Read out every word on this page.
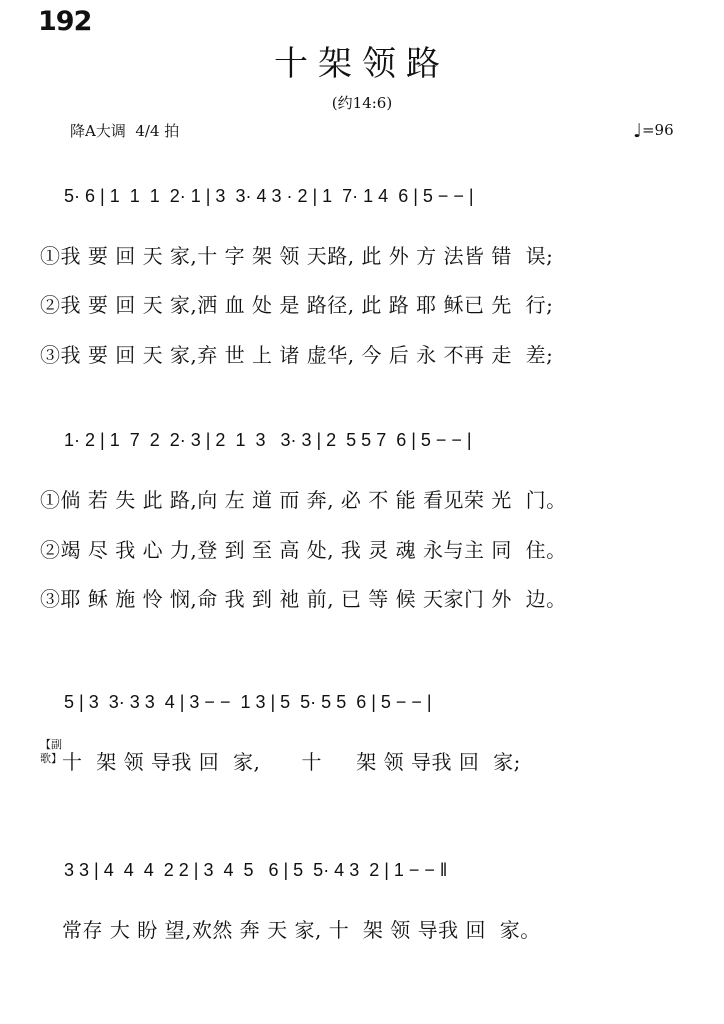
192
十架领路
(约14:6)
降A大调  4/4 拍	♩=96
5· 6 | 1  1  1  2· 1 | 3  3· 4 3 · 2 | 1  7· 1 4  6 | 5 − − |
①我 要 回 天 家,十 字 架 领 天路, 此 外 方 法皆 错  误;
②我 要 回 天 家,洒 血 处 是 路径, 此 路 耶 稣已 先  行;
③我 要 回 天 家,弃 世 上 诸 虚华, 今 后 永 不再 走  差;
1· 2 | 1  7  2  2· 3 | 2  1  3   3· 3 | 2  5 5 7  6 | 5 − − |
①倘 若 失 此 路,向 左 道 而 奔, 必 不 能 看见荣 光  门。
②竭 尽 我 心 力,登 到 至 高 处, 我 灵 魂 永与主 同  住。
③耶 稣 施 怜 悯,命 我 到 祂 前, 已 等 候 天家门 外  边。
5 | 3  3· 3 3  4 | 3 − −  1 3 | 5  5· 5 5  6 | 5 − − |
【副歌】 十  架 领 导我 回  家,      十     架 领 导我 回  家;
3 3 | 4  4  4  2 2 | 3  4  5   6 | 5  5· 4 3  2 | 1 − − ‖
常存 大 盼 望,欢然 奔 天 家, 十  架 领 导我 回  家。
